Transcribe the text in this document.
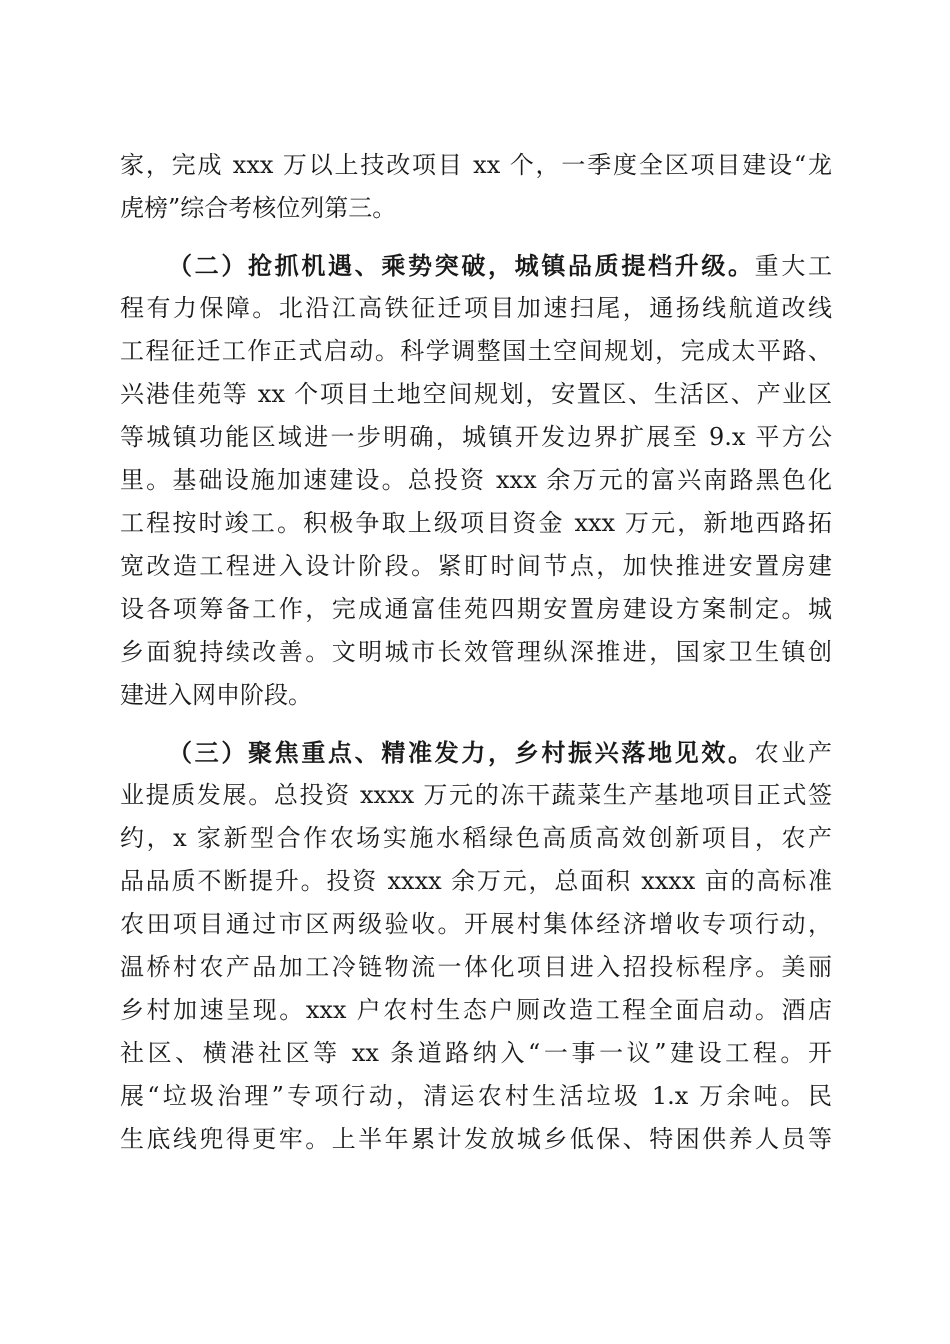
家，完成 xxx 万以上技改项目 xx 个，一季度全区项目建设“龙
虎榜”综合考核位列第三。
（二）抢抓机遇、乘势突破，城镇品质提档升级。重大工
程有力保障。北沿江高铁征迁项目加速扫尾，通扬线航道改线
工程征迁工作正式启动。科学调整国土空间规划，完成太平路、
兴港佳苑等 xx 个项目土地空间规划，安置区、生活区、产业区
等城镇功能区域进一步明确，城镇开发边界扩展至 9.x 平方公
里。基础设施加速建设。总投资 xxx 余万元的富兴南路黑色化
工程按时竣工。积极争取上级项目资金 xxx 万元，新地西路拓
宽改造工程进入设计阶段。紧盯时间节点，加快推进安置房建
设各项筹备工作，完成通富佳苑四期安置房建设方案制定。城
乡面貌持续改善。文明城市长效管理纵深推进，国家卫生镇创
建进入网申阶段。
（三）聚焦重点、精准发力，乡村振兴落地见效。农业产
业提质发展。总投资 xxxx 万元的冻干蔬菜生产基地项目正式签
约，x 家新型合作农场实施水稻绿色高质高效创新项目，农产
品品质不断提升。投资 xxxx 余万元，总面积 xxxx 亩的高标准
农田项目通过市区两级验收。开展村集体经济增收专项行动，
温桥村农产品加工冷链物流一体化项目进入招投标程序。美丽
乡村加速呈现。xxx 户农村生态户厕改造工程全面启动。酒店
社区、横港社区等 xx 条道路纳入“一事一议”建设工程。开
展“垃圾治理”专项行动，清运农村生活垃圾 1.x 万余吨。民
生底线兜得更牢。上半年累计发放城乡低保、特困供养人员等
